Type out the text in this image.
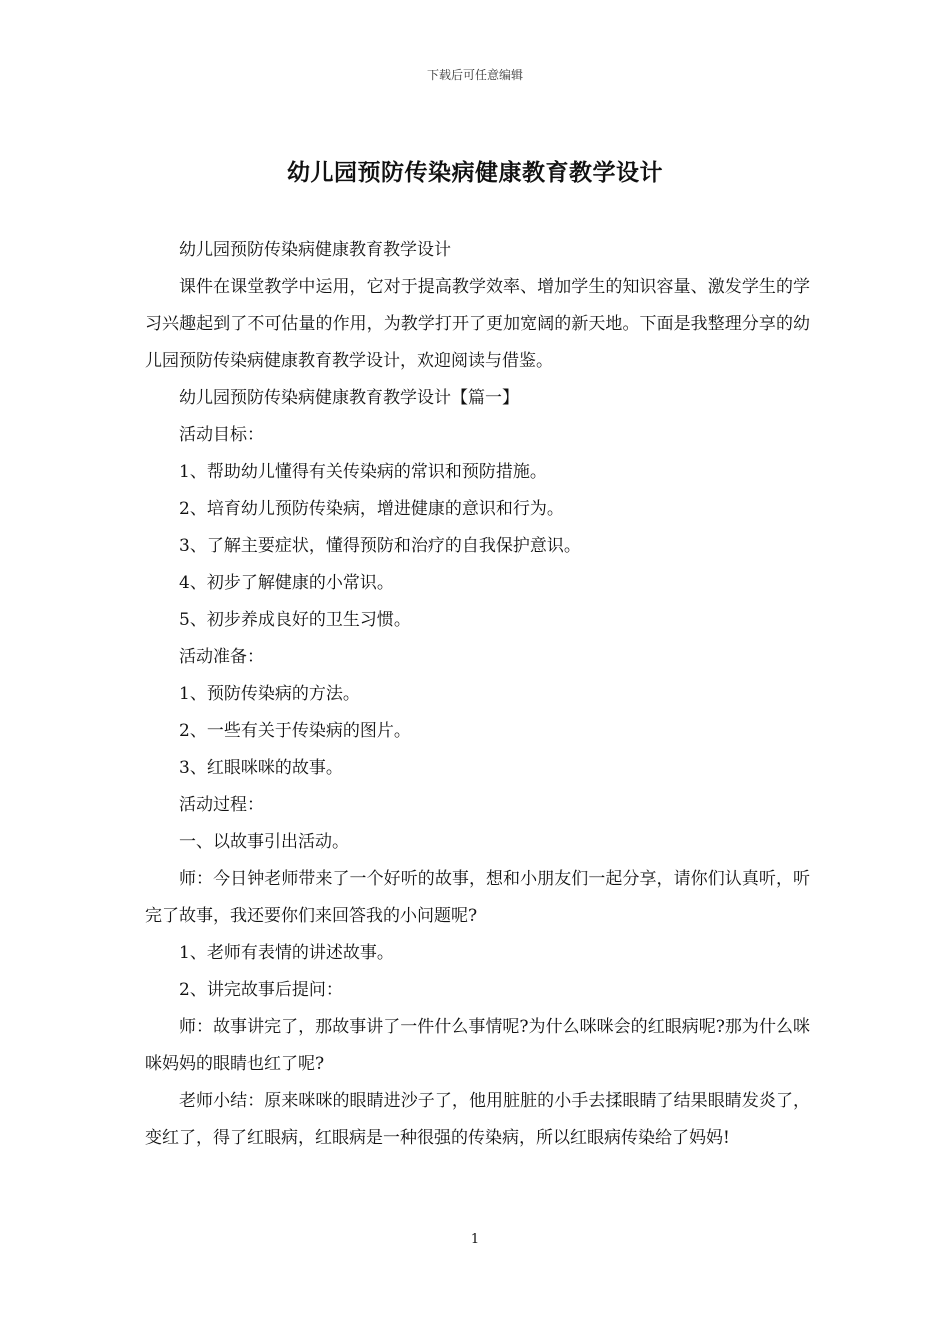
下载后可任意编辑
幼儿园预防传染病健康教育教学设计

幼儿园预防传染病健康教育教学设计

课件在课堂教学中运用，它对于提高教学效率、增加学生的知识容量、激发学生的学习兴趣起到了不可估量的作用，为教学打开了更加宽阔的新天地。下面是我整理分享的幼儿园预防传染病健康教育教学设计，欢迎阅读与借鉴。

幼儿园预防传染病健康教育教学设计【篇一】

活动目标：

1、帮助幼儿懂得有关传染病的常识和预防措施。

2、培育幼儿预防传染病，增进健康的意识和行为。

3、了解主要症状，懂得预防和治疗的自我保护意识。

4、初步了解健康的小常识。

5、初步养成良好的卫生习惯。

活动准备：

1、预防传染病的方法。

2、一些有关于传染病的图片。

3、红眼咪咪的故事。

活动过程：

一、以故事引出活动。

师：今日钟老师带来了一个好听的故事，想和小朋友们一起分享，请你们认真听，听完了故事，我还要你们来回答我的小问题呢?

1、老师有表情的讲述故事。

2、讲完故事后提问：

师：故事讲完了，那故事讲了一件什么事情呢?为什么咪咪会的红眼病呢?那为什么咪咪妈妈的眼睛也红了呢?

老师小结：原来咪咪的眼睛进沙子了，他用脏脏的小手去揉眼睛了结果眼睛发炎了，变红了，得了红眼病，红眼病是一种很强的传染病，所以红眼病传染给了妈妈!

1
